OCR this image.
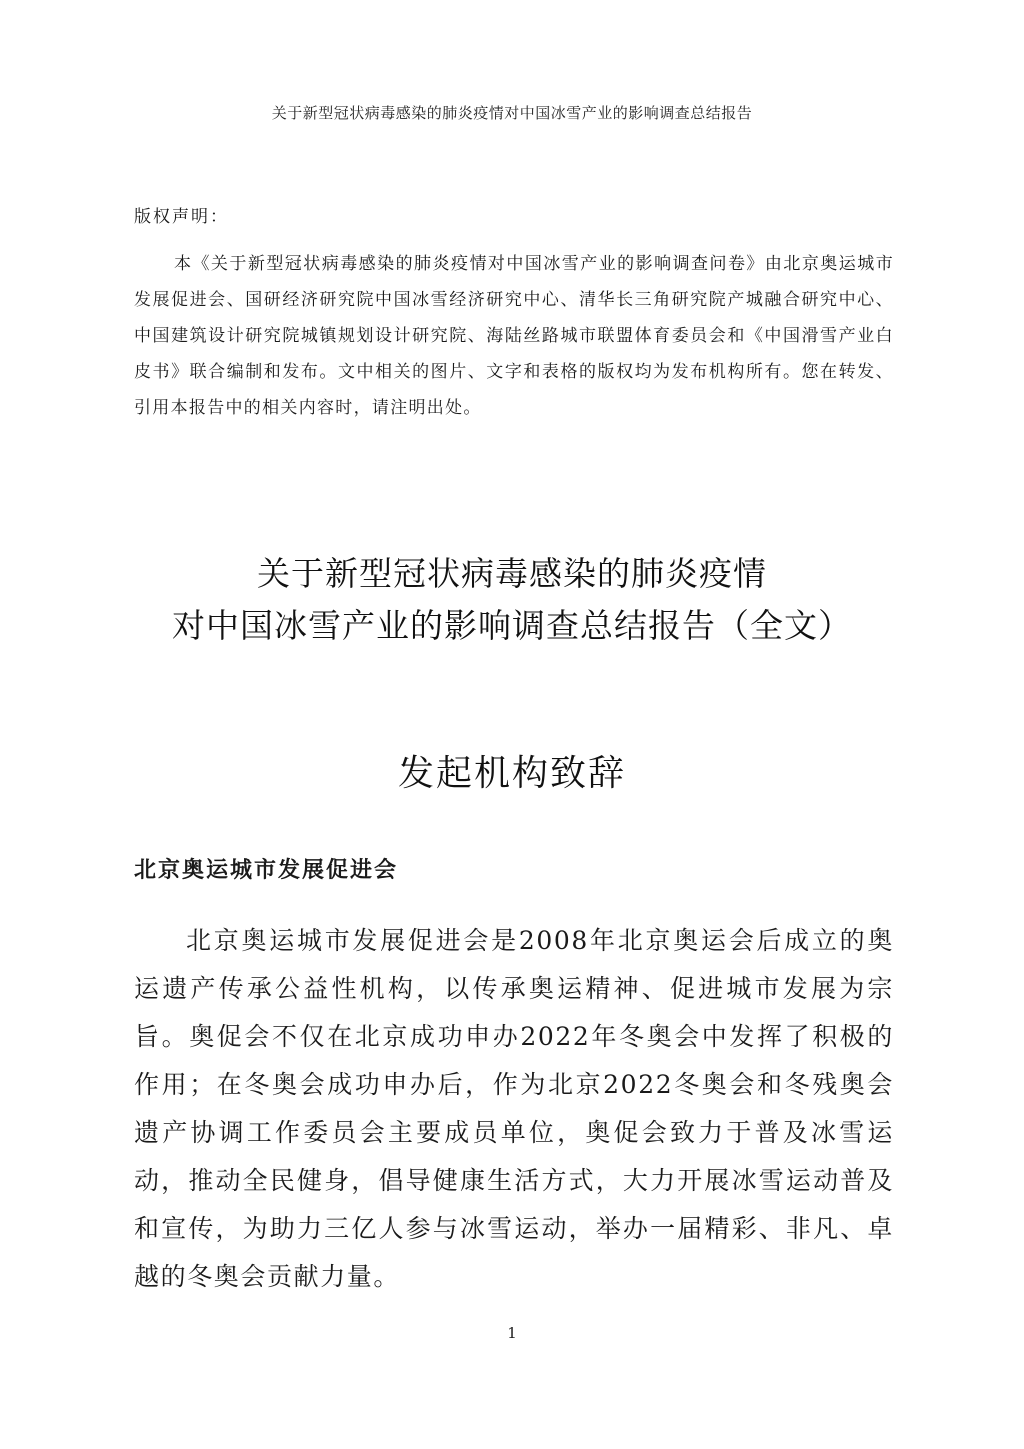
关于新型冠状病毒感染的肺炎疫情对中国冰雪产业的影响调查总结报告

版权声明：

本《关于新型冠状病毒感染的肺炎疫情对中国冰雪产业的影响调查问卷》由北京奥运城市发展促进会、国研经济研究院中国冰雪经济研究中心、清华长三角研究院产城融合研究中心、中国建筑设计研究院城镇规划设计研究院、海陆丝路城市联盟体育委员会和《中国滑雪产业白皮书》联合编制和发布。文中相关的图片、文字和表格的版权均为发布机构所有。您在转发、引用本报告中的相关内容时，请注明出处。

关于新型冠状病毒感染的肺炎疫情
对中国冰雪产业的影响调查总结报告（全文）
发起机构致辞
北京奥运城市发展促进会

北京奥运城市发展促进会是2008年北京奥运会后成立的奥运遗产传承公益性机构，以传承奥运精神、促进城市发展为宗旨。奥促会不仅在北京成功申办2022年冬奥会中发挥了积极的作用；在冬奥会成功申办后，作为北京2022冬奥会和冬残奥会遗产协调工作委员会主要成员单位，奥促会致力于普及冰雪运动，推动全民健身，倡导健康生活方式，大力开展冰雪运动普及和宣传，为助力三亿人参与冰雪运动，举办一届精彩、非凡、卓越的冬奥会贡献力量。

1
